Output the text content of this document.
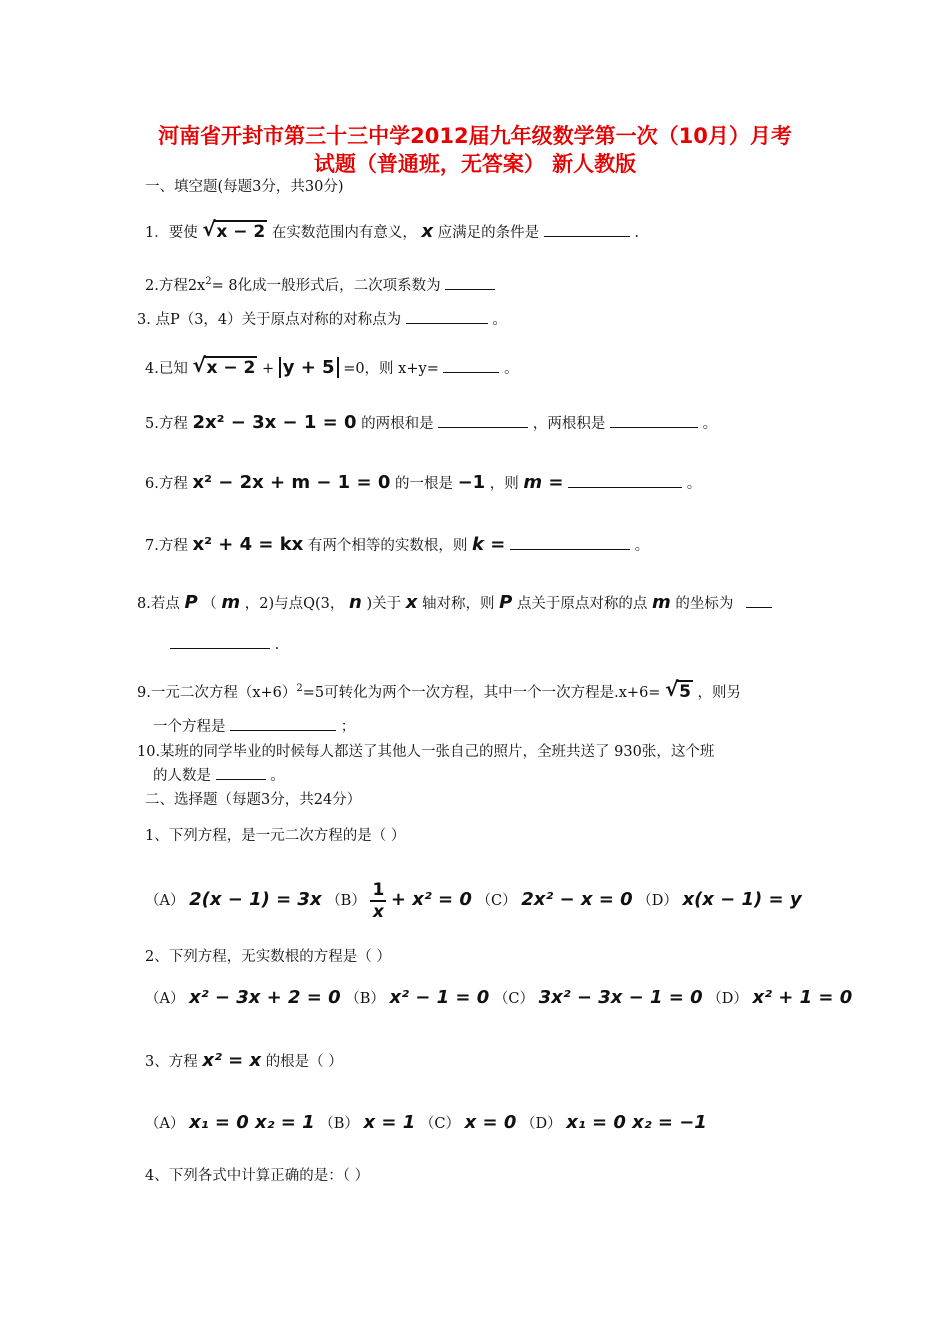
河南省开封市第三十三中学2012届九年级数学第一次（10月）月考
试题（普通班，无答案） 新人教版
一、填空题(每题3分，共30分)
1．要使 √ x − 2 在实数范围内有意义， x 应满足的条件是	.
2.方程$2x^2= 8$化成一般形式后，二次项系数为
3. 点P（3，4）关于原点对称的对称点为	。
4.已知 √ x − 2 + y + 5 =0，则 x+y=	。
5.方程 2x² − 3x − 1 = 0 的两根和是	，两根积是	。
6.方程 x² − 2x + m − 1 = 0 的一根是 −1 ，则 m =	。
7.方程 x² + 4 = kx 有两个相等的实数根，则 k =	。
8.若点 P （ m ，2)与点Q(3， n )关于 x 轴对称，则 P 点关于原点对称的点 m 的坐标为
.
9.一元二次方程$(x+6)^2=5$可转化为两个一次方程，其中一个一次方程是.x+6= √ 5 ，则另
一个方程是	；
10.某班的同学毕业的时候每人都送了其他人一张自己的照片，全班共送了 930张，这个班
的人数是	。
二、选择题（每题3分，共24分）
1、下列方程，是一元二次方程的是（ ）
（A） 2(x − 1) = 3x $(B) \frac{1}{x} + x^2 = 0$ （C） 2x² − x = 0 （D） x(x − 1) = y
2、下列方程，无实数根的方程是（ ）
（A） x² − 3x + 2 = 0 （B） x² − 1 = 0 （C） 3x² − 3x − 1 = 0 （D） x² + 1 = 0
3、方程 x² = x 的根是（ ）
（A） x₁ = 0 x₂ = 1 （B） x = 1 （C） x = 0 （D） x₁ = 0 x₂ = −1
4、下列各式中计算正确的是：（ ）
